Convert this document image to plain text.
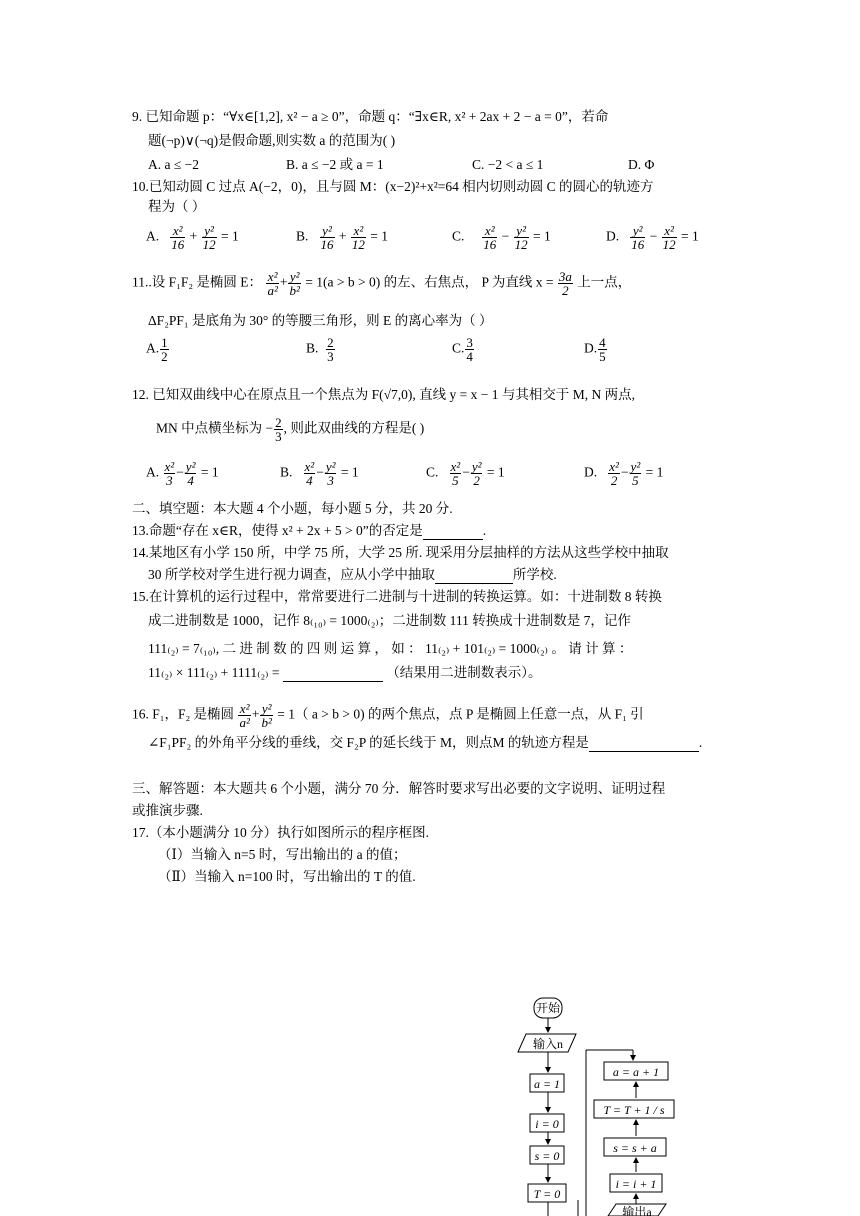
9. 已知命题 p：“∀x∈[1,2], x² − a ≥ 0”，命题 q：“∃x∈R, x² + 2ax + 2 − a = 0”，若命
题(¬p)∨(¬q)是假命题,则实数 a 的范围为( )
A. a ≤ −2	B. a ≤ −2 或 a = 1	C. −2 < a ≤ 1	D. Φ
10.已知动圆 C 过点 A(−2，0)，且与圆 M：(x−2)²+x²=64 相内切则动圆 C 的圆心的轨迹方
程为（ ）
A. $\frac{\text{x²}}{16} + \frac{\text{y²}}{12} = 1$	B. $\frac{\text{y²}}{16} + \frac{\text{x²}}{12} = 1$	C. $\frac{\text{x²}}{16} - \frac{\text{y²}}{12} = 1$	D. $\frac{\text{y²}}{16} - \frac{\text{x²}}{12} = 1$
11..设 F₁F₂ 是椭圆 E： $\frac{\text{x²}}{\text{a²}} + \frac{\text{y²}}{\text{b²}} = 1(a > b > 0)$ 的左、右焦点， P 为直线 $x = \frac{3a}{2}$ 上一点，
ΔF₂PF₁ 是底角为 30° 的等腰三角形，则 E 的离心率为（ ）
A. $\frac{1}{2}$	B. $\frac{2}{3}$	C. $\frac{3}{4}$	D. $\frac{4}{5}$
12. 已知双曲线中心在原点且一个焦点为 F(√7,0), 直线 y = x − 1 与其相交于 M, N 两点,
MN 中点横坐标为 − $\frac{2}{3}$ , 则此双曲线的方程是( )
A. $\frac{\text{x²}}{3} - \frac{\text{y²}}{4} = 1$	B. $\frac{\text{x²}}{4} - \frac{\text{y²}}{3} = 1$	C. $\frac{\text{x²}}{5} - \frac{\text{y²}}{2} = 1$	D. $\frac{\text{x²}}{2} - \frac{\text{y²}}{5} = 1$
二、填空题：本大题 4 个小题，每小题 5 分，共 20 分.
13.命题“存在 x∈R，使得 x² + 2x + 5 > 0”的否定是	.
14.某地区有小学 150 所，中学 75 所，大学 25 所. 现采用分层抽样的方法从这些学校中抽取
30 所学校对学生进行视力调查，应从小学中抽取	所学校.
15.在计算机的运行过程中，常常要进行二进制与十进制的转换运算。如：十进制数 8 转换
成二进制数是 1000，记作 8₍₁₀₎ = 1000₍₂₎；二进制数 111 转换成十进制数是 7，记作
111₍₂₎ = 7₍₁₀₎, 二 进 制 数 的 四 则 运 算 ， 如 ： 11₍₂₎ + 101₍₂₎ = 1000₍₂₎ 。 请 计 算 ：
11₍₂₎ × 111₍₂₎ + 1111₍₂₎ =	（结果用二进制数表示）。
16. F₁，F₂ 是椭圆 $\frac{\text{x²}}{\text{a²}} + \frac{\text{y²}}{\text{b²}} = 1$（ a > b > 0) 的两个焦点，点 P 是椭圆上任意一点，从 F₁ 引
∠F₁PF₂ 的外角平分线的垂线，交 F₂P 的延长线于 M，则点M 的轨迹方程是	.
三、解答题：本大题共 6 个小题，满分 70 分．解答时要求写出必要的文字说明、证明过程
或推演步骤.
17.（本小题满分 10 分）执行如图所示的程序框图.
（Ⅰ）当输入 n=5 时，写出输出的 a 的值；
（Ⅱ）当输入 n=100 时，写出输出的 T 的值.
开始
输入n
a = 1
i = 0
s = 0
T = 0
a = a + 1
T = T + 1 / s
s = s + a
i = i + 1
输出a
